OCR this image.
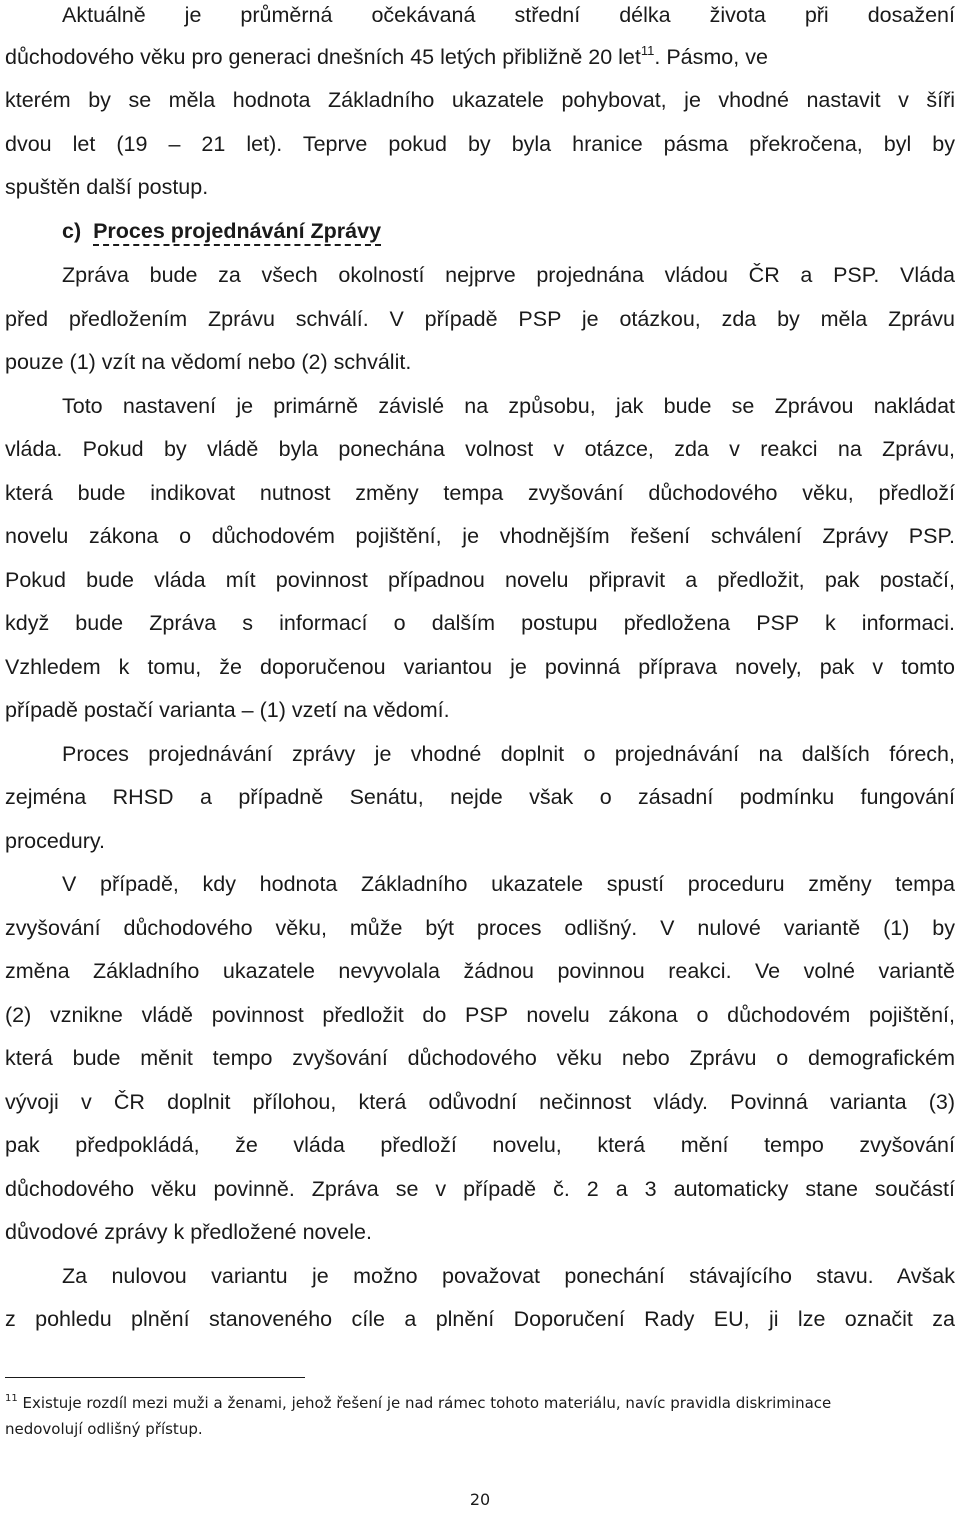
Aktuálně je průměrná očekávaná střední délka života při dosažení
důchodového věku pro generaci dnešních 45 letých přibližně 20 let$^{11}$. Pásmo, ve
kterém by se měla hodnota Základního ukazatele pohybovat, je vhodné nastavit v šíři
dvou let (19 – 21 let). Teprve pokud by byla hranice pásma překročena, byl by
spuštěn další postup.
c) Proces projednávání Zprávy
Zpráva bude za všech okolností nejprve projednána vládou ČR a PSP. Vláda
před předložením Zprávu schválí. V případě PSP je otázkou, zda by měla Zprávu
pouze (1) vzít na vědomí nebo (2) schválit.
Toto nastavení je primárně závislé na způsobu, jak bude se Zprávou nakládat
vláda. Pokud by vládě byla ponechána volnost v otázce, zda v reakci na Zprávu,
která bude indikovat nutnost změny tempa zvyšování důchodového věku, předloží
novelu zákona o důchodovém pojištění, je vhodnějším řešení schválení Zprávy PSP.
Pokud bude vláda mít povinnost případnou novelu připravit a předložit, pak postačí,
když bude Zpráva s informací o dalším postupu předložena PSP k informaci.
Vzhledem k tomu, že doporučenou variantou je povinná příprava novely, pak v tomto
případě postačí varianta – (1) vzetí na vědomí.
Proces projednávání zprávy je vhodné doplnit o projednávání na dalších fórech,
zejména RHSD a případně Senátu, nejde však o zásadní podmínku fungování
procedury.
V případě, kdy hodnota Základního ukazatele spustí proceduru změny tempa
zvyšování důchodového věku, může být proces odlišný. V nulové variantě (1) by
změna Základního ukazatele nevyvolala žádnou povinnou reakci. Ve volné variantě
(2) vznikne vládě povinnost předložit do PSP novelu zákona o důchodovém pojištění,
která bude měnit tempo zvyšování důchodového věku nebo Zprávu o demografickém
vývoji v ČR doplnit přílohou, která odůvodní nečinnost vlády. Povinná varianta (3)
pak předpokládá, že vláda předloží novelu, která mění tempo zvyšování
důchodového věku povinně. Zpráva se v případě č. 2 a 3 automaticky stane součástí
důvodové zprávy k předložené novele.
Za nulovou variantu je možno považovat ponechání stávajícího stavu. Avšak
z pohledu plnění stanoveného cíle a plnění Doporučení Rady EU, ji lze označit za
$^{11}$ Existuje rozdíl mezi muži a ženami, jehož řešení je nad rámec tohoto materiálu, navíc pravidla diskriminace
nedovolují odlišný přístup.
20
